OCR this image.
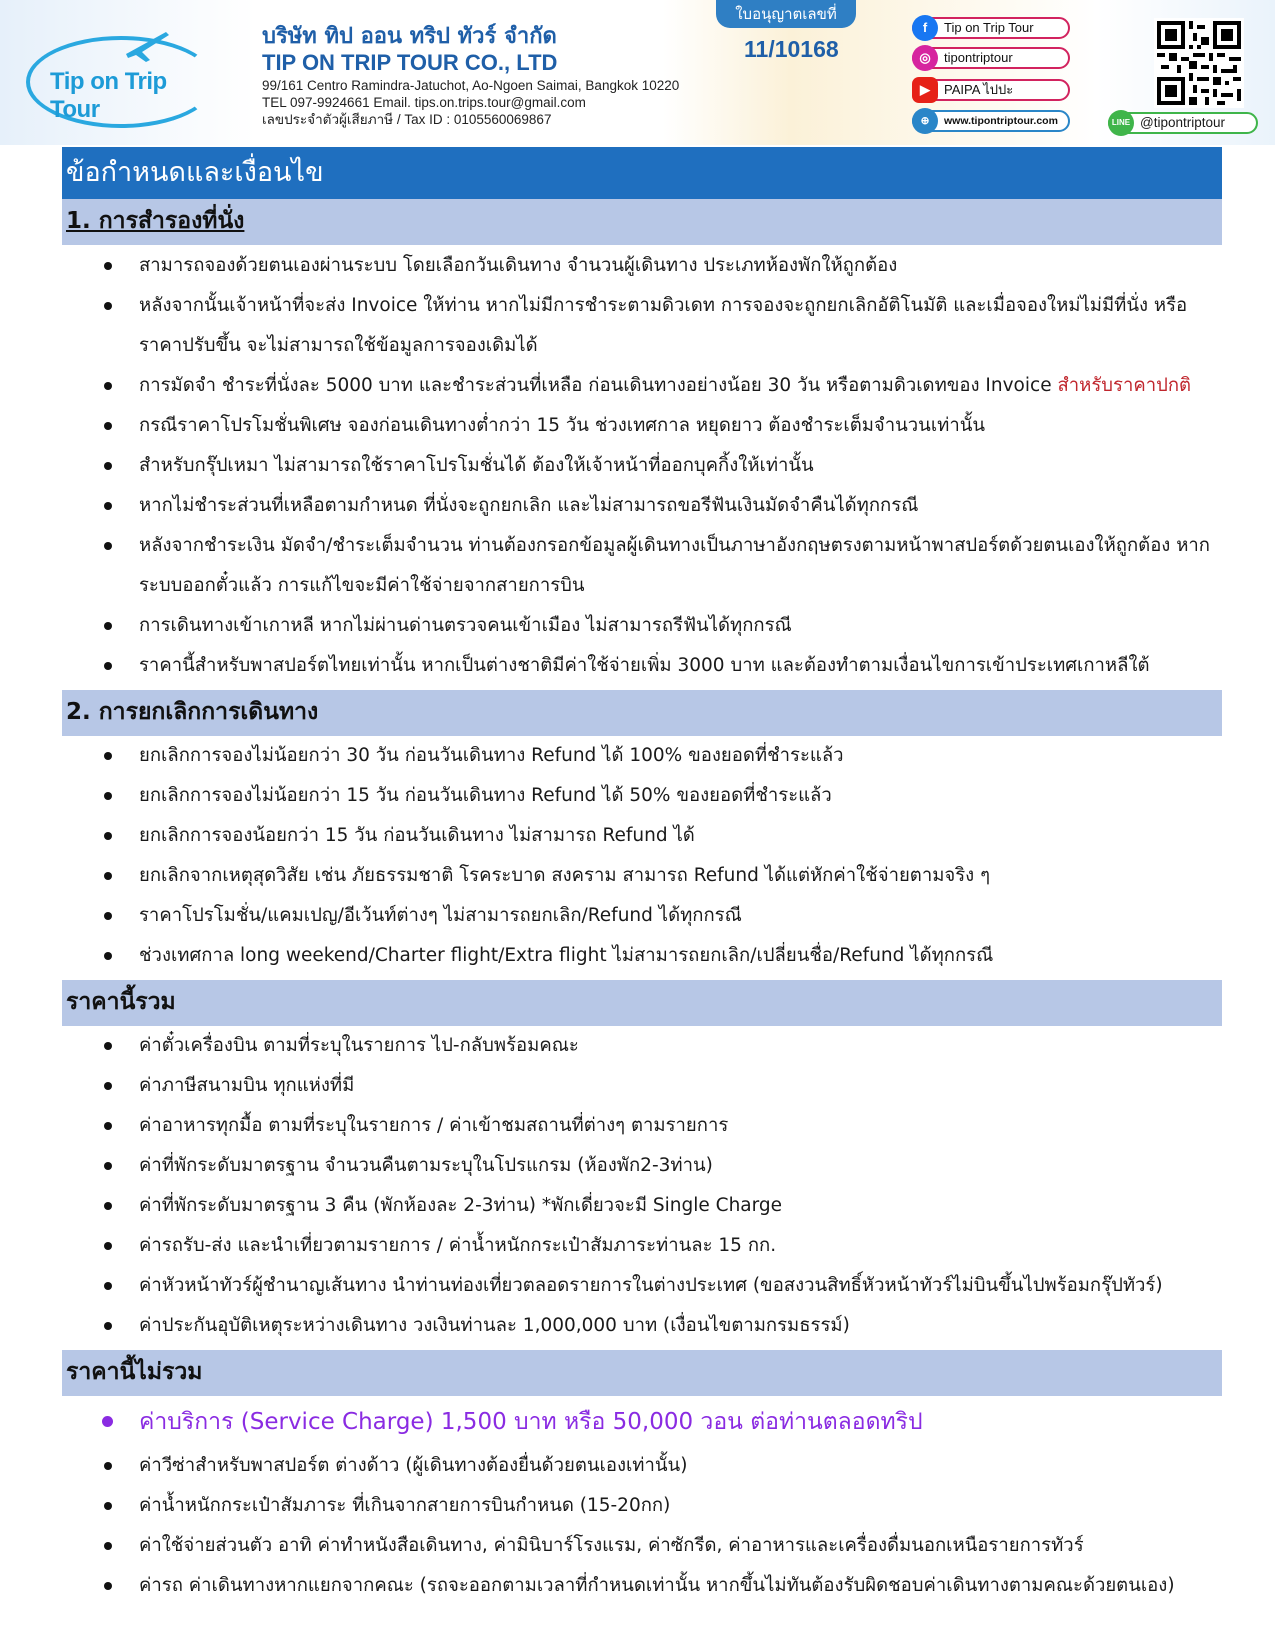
Tip on Trip Tour
บริษัท ทิป ออน ทริป ทัวร์ จำกัด
TIP ON TRIP TOUR CO., LTD
99/161 Centro Ramindra-Jatuchot, Ao-Ngoen Saimai, Bangkok 10220
TEL 097-9924661 Email. tips.on.trips.tour@gmail.com
เลขประจำตัวผู้เสียภาษี / Tax ID : 0105560069867
ใบอนุญาตเลขที่
11/10168
f	Tip on Trip Tour
◎	tipontriptour
▶	PAIPA ไปปะ
⊕	www.tipontriptour.com	LINE @tipontriptour
ข้อกำหนดและเงื่อนไข
1. การสำรองที่นั่ง
สามารถจองด้วยตนเองผ่านระบบ โดยเลือกวันเดินทาง จำนวนผู้เดินทาง ประเภทห้องพักให้ถูกต้อง
หลังจากนั้นเจ้าหน้าที่จะส่ง Invoice ให้ท่าน หากไม่มีการชำระตามดิวเดท การจองจะถูกยกเลิกอัติโนมัติ และเมื่อจองใหม่ไม่มีที่นั่ง หรือราคาปรับขึ้น จะไม่สามารถใช้ข้อมูลการจองเดิมได้
การมัดจำ ชำระที่นั่งละ 5000 บาท และชำระส่วนที่เหลือ ก่อนเดินทางอย่างน้อย 30 วัน หรือตามดิวเดทของ Invoice สำหรับราคาปกติ
กรณีราคาโปรโมชั่นพิเศษ จองก่อนเดินทางต่ำกว่า 15 วัน ช่วงเทศกาล หยุดยาว ต้องชำระเต็มจำนวนเท่านั้น
สำหรับกรุ๊ปเหมา ไม่สามารถใช้ราคาโปรโมชั่นได้ ต้องให้เจ้าหน้าที่ออกบุคกิ้งให้เท่านั้น
หากไม่ชำระส่วนที่เหลือตามกำหนด ที่นั่งจะถูกยกเลิก และไม่สามารถขอรีฟันเงินมัดจำคืนได้ทุกกรณี
หลังจากชำระเงิน มัดจำ/ชำระเต็มจำนวน ท่านต้องกรอกข้อมูลผู้เดินทางเป็นภาษาอังกฤษตรงตามหน้าพาสปอร์ตด้วยตนเองให้ถูกต้อง หากระบบออกตั๋วแล้ว การแก้ไขจะมีค่าใช้จ่ายจากสายการบิน
การเดินทางเข้าเกาหลี หากไม่ผ่านด่านตรวจคนเข้าเมือง ไม่สามารถรีฟันได้ทุกกรณี
ราคานี้สำหรับพาสปอร์ตไทยเท่านั้น หากเป็นต่างชาติมีค่าใช้จ่ายเพิ่ม 3000 บาท และต้องทำตามเงื่อนไขการเข้าประเทศเกาหลีใต้
2. การยกเลิกการเดินทาง
ยกเลิกการจองไม่น้อยกว่า 30 วัน ก่อนวันเดินทาง Refund ได้ 100% ของยอดที่ชำระแล้ว
ยกเลิกการจองไม่น้อยกว่า 15 วัน ก่อนวันเดินทาง Refund ได้ 50% ของยอดที่ชำระแล้ว
ยกเลิกการจองน้อยกว่า 15 วัน ก่อนวันเดินทาง ไม่สามารถ Refund ได้
ยกเลิกจากเหตุสุดวิสัย เช่น ภัยธรรมชาติ โรคระบาด สงคราม สามารถ Refund ได้แต่หักค่าใช้จ่ายตามจริง ๆ
ราคาโปรโมชั่น/แคมเปญ/อีเว้นท์ต่างๆ ไม่สามารถยกเลิก/Refund ได้ทุกกรณี
ช่วงเทศกาล long weekend/Charter flight/Extra flight ไม่สามารถยกเลิก/เปลี่ยนชื่อ/Refund ได้ทุกกรณี
ราคานี้รวม
ค่าตั๋วเครื่องบิน ตามที่ระบุในรายการ ไป-กลับพร้อมคณะ
ค่าภาษีสนามบิน ทุกแห่งที่มี
ค่าอาหารทุกมื้อ ตามที่ระบุในรายการ / ค่าเข้าชมสถานที่ต่างๆ ตามรายการ
ค่าที่พักระดับมาตรฐาน จำนวนคืนตามระบุในโปรแกรม (ห้องพัก2-3ท่าน)
ค่าที่พักระดับมาตรฐาน 3 คืน (พักห้องละ 2-3ท่าน) *พักเดี่ยวจะมี Single Charge
ค่ารถรับ-ส่ง และนำเที่ยวตามรายการ / ค่าน้ำหนักกระเป๋าสัมภาระท่านละ 15 กก.
ค่าหัวหน้าทัวร์ผู้ชำนาญเส้นทาง นำท่านท่องเที่ยวตลอดรายการในต่างประเทศ (ขอสงวนสิทธิ์หัวหน้าทัวร์ไม่บินขึ้นไปพร้อมกรุ๊ปทัวร์)
ค่าประกันอุบัติเหตุระหว่างเดินทาง วงเงินท่านละ 1,000,000 บาท (เงื่อนไขตามกรมธรรม์)
ราคานี้ไม่รวม
ค่าบริการ (Service Charge) 1,500 บาท หรือ 50,000 วอน ต่อท่านตลอดทริป
ค่าวีซ่าสำหรับพาสปอร์ต ต่างด้าว (ผู้เดินทางต้องยื่นด้วยตนเองเท่านั้น)
ค่าน้ำหนักกระเป๋าสัมภาระ ที่เกินจากสายการบินกำหนด (15-20กก)
ค่าใช้จ่ายส่วนตัว อาทิ ค่าทำหนังสือเดินทาง, ค่ามินิบาร์โรงแรม, ค่าซักรีด, ค่าอาหารและเครื่องดื่มนอกเหนือรายการทัวร์
ค่ารถ ค่าเดินทางหากแยกจากคณะ (รถจะออกตามเวลาที่กำหนดเท่านั้น หากขึ้นไม่ทันต้องรับผิดชอบค่าเดินทางตามคณะด้วยตนเอง)
